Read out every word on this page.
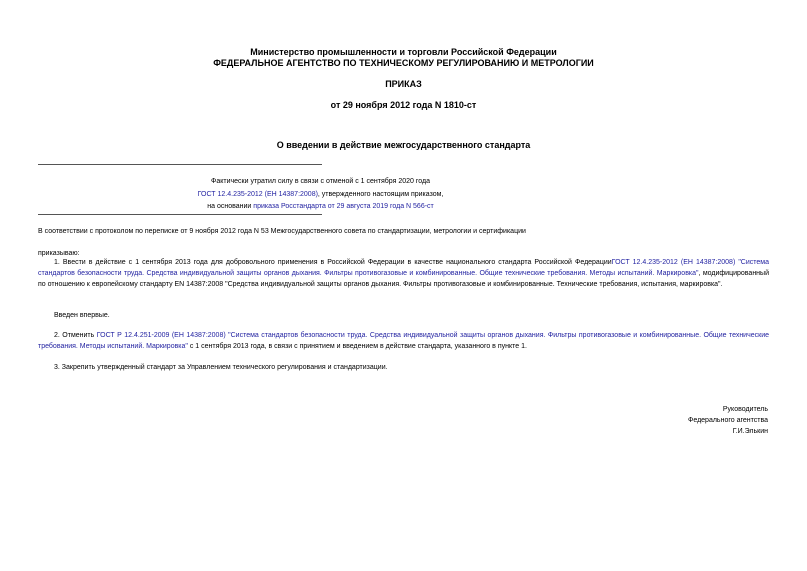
Министерство промышленности и торговли Российской Федерации
ФЕДЕРАЛЬНОЕ АГЕНТСТВО ПО ТЕХНИЧЕСКОМУ РЕГУЛИРОВАНИЮ И МЕТРОЛОГИИ
ПРИКАЗ
от 29 ноября 2012 года N 1810-ст
О введении в действие межгосударственного стандарта
Фактически утратил силу в связи с отменой с 1 сентября 2020 года
ГОСТ 12.4.235-2012 (ЕН 14387:2008), утвержденного настоящим приказом,
на основании приказа Росстандарта от 29 августа 2019 года N 566-ст
В соответствии с протоколом по переписке от 9 ноября 2012 года N 53 Межгосударственного совета по стандартизации, метрологии и сертификации
приказываю:
1. Ввести в действие с 1 сентября 2013 года для добровольного применения в Российской Федерации в качестве национального стандарта Российской ФедерацииГОСТ 12.4.235-2012 (ЕН 14387:2008) "Система стандартов безопасности труда. Средства индивидуальной защиты органов дыхания. Фильтры противогазовые и комбинированные. Общие технические требования. Методы испытаний. Маркировка", модифицированный по отношению к европейскому стандарту EN 14387:2008 "Средства индивидуальной защиты органов дыхания. Фильтры противогазовые и комбинированные. Технические требования, испытания, маркировка".
Введен впервые.
2. Отменить ГОСТ Р 12.4.251-2009 (ЕН 14387:2008) "Система стандартов безопасности труда. Средства индивидуальной защиты органов дыхания. Фильтры противогазовые и комбинированные. Общие технические требования. Методы испытаний. Маркировка" с 1 сентября 2013 года, в связи с принятием и введением в действие стандарта, указанного в пункте 1.
3. Закрепить утвержденный стандарт за Управлением технического регулирования и стандартизации.
Руководитель
Федерального агентства
Г.И.Элькин
